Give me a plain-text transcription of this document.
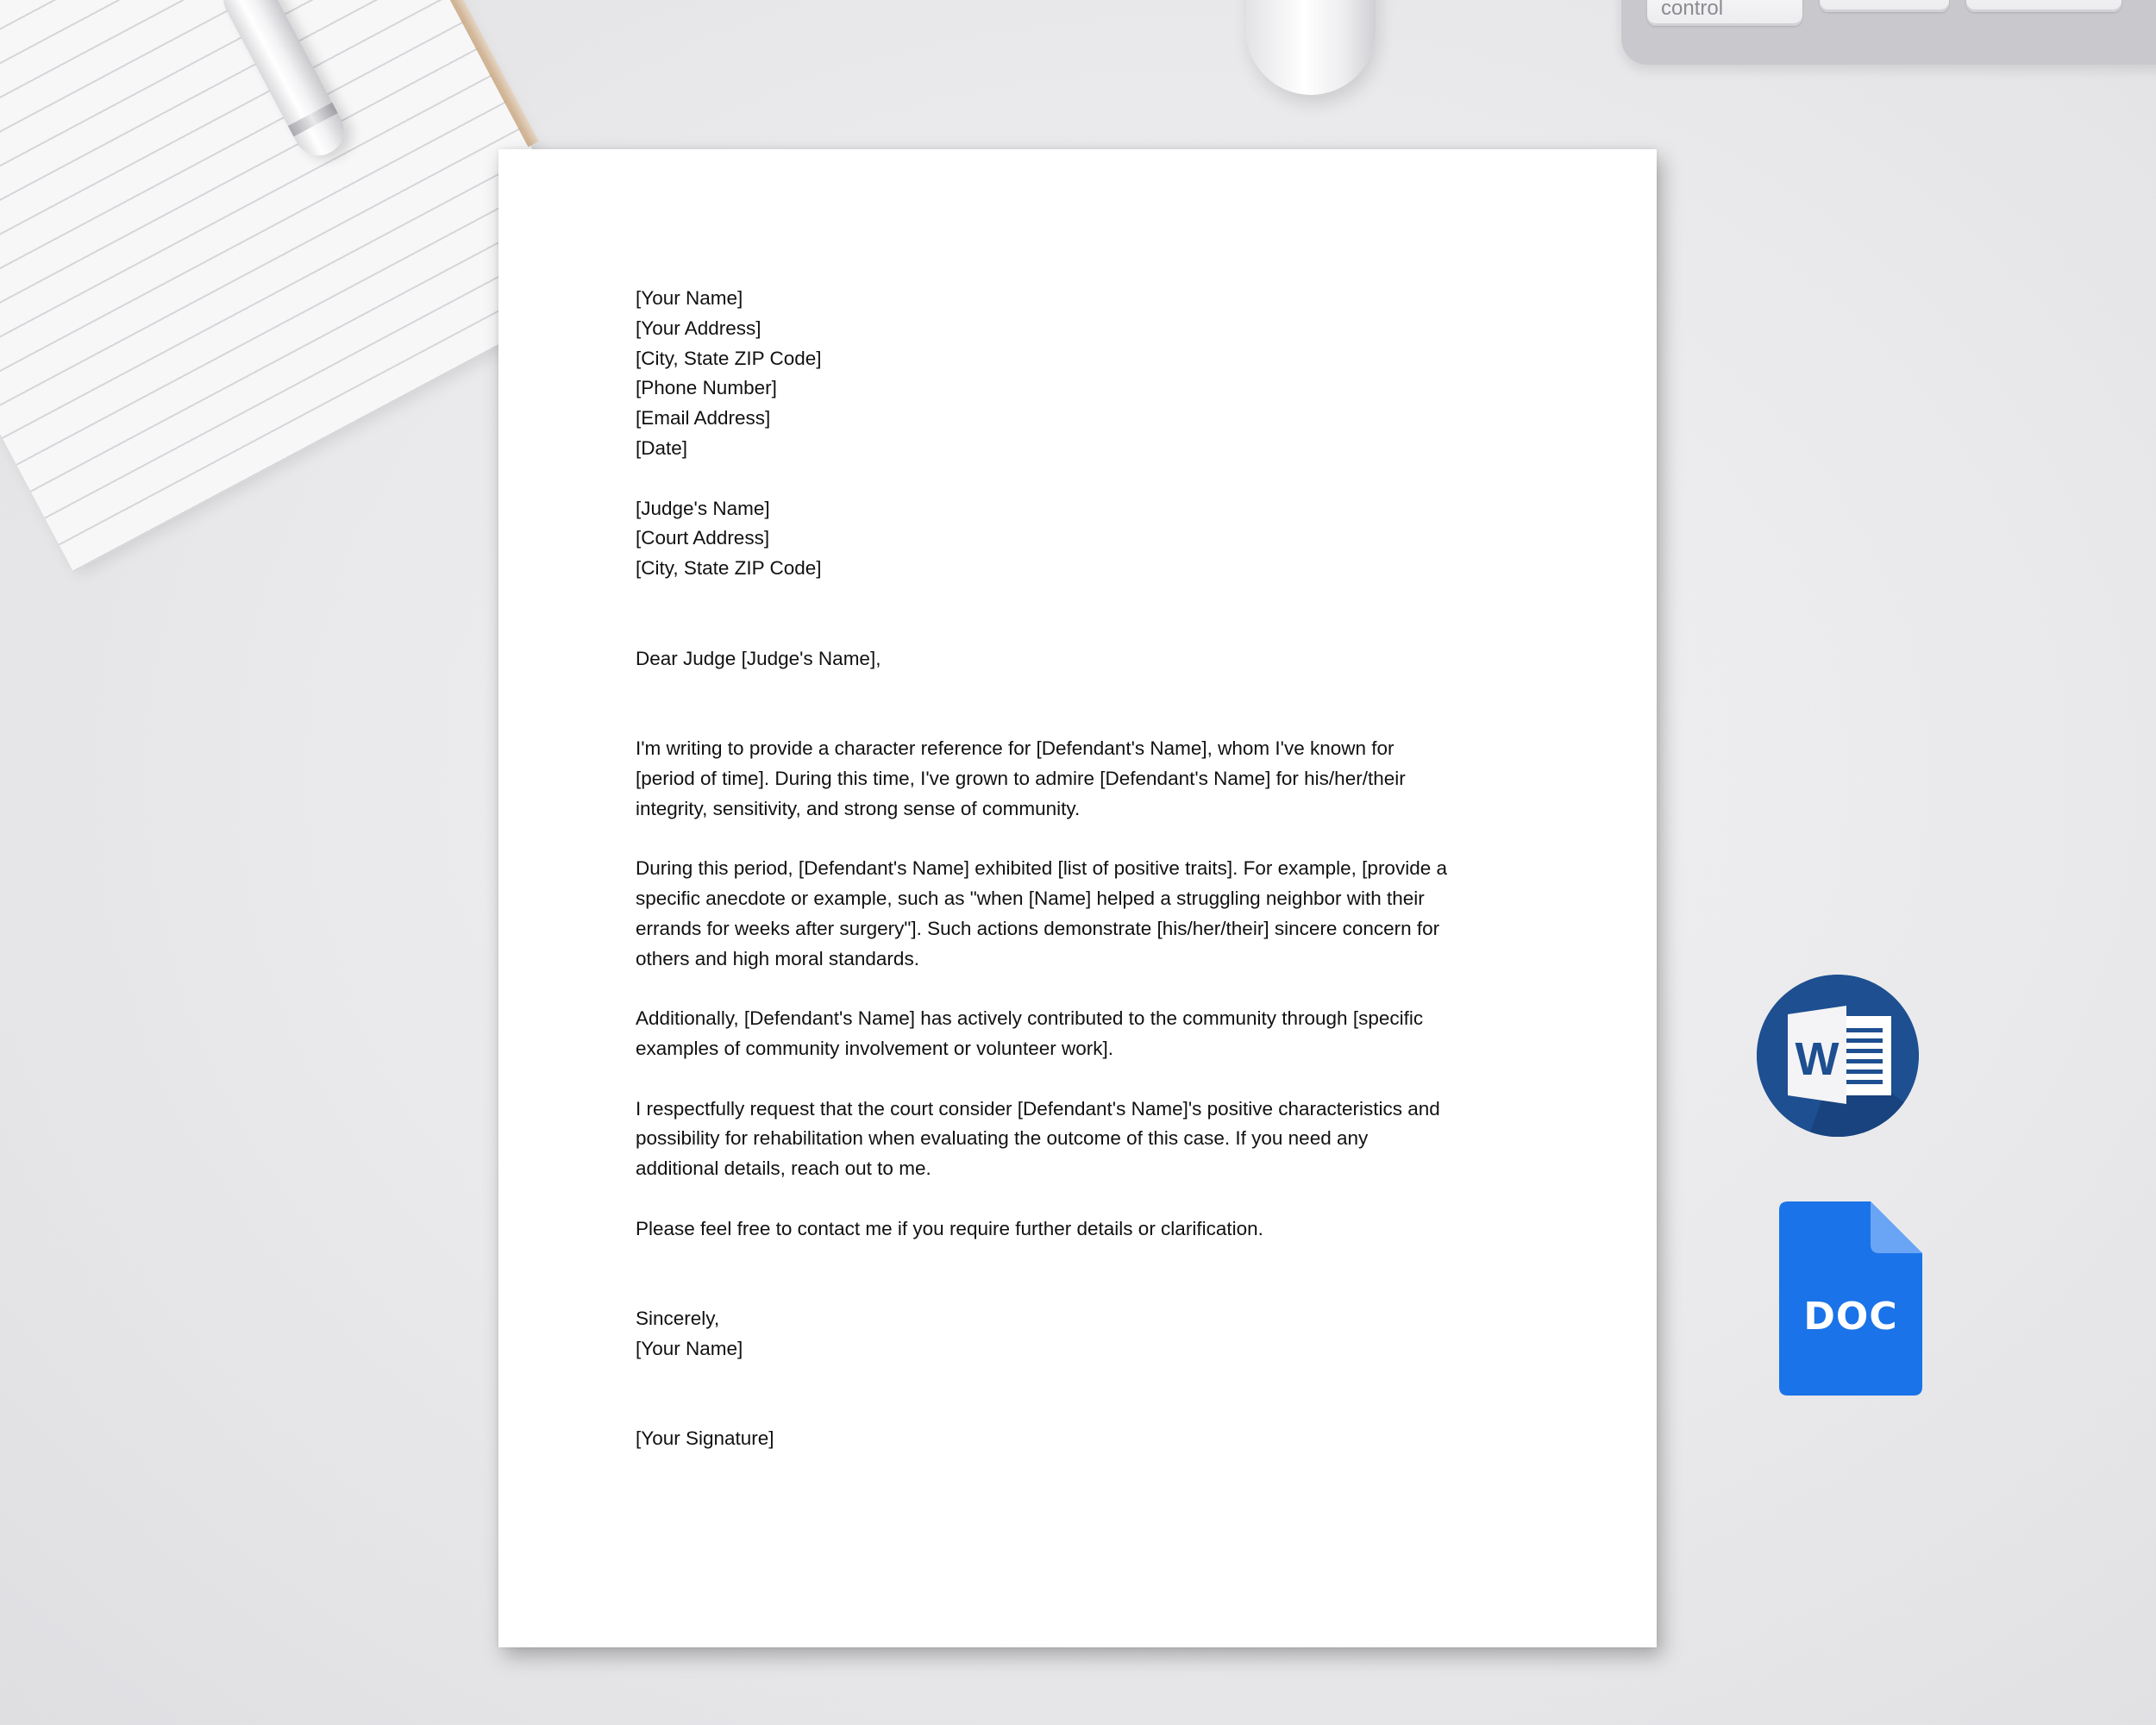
control
[Your Name]
[Your Address]
[City, State ZIP Code]
[Phone Number]
[Email Address]
[Date]
[Judge's Name]
[Court Address]
[City, State ZIP Code]
Dear Judge [Judge's Name],
I'm writing to provide a character reference for [Defendant's Name], whom I've known for
[period of time]. During this time, I've grown to admire [Defendant's Name] for his/her/their
integrity, sensitivity, and strong sense of community.
During this period, [Defendant's Name] exhibited [list of positive traits]. For example, [provide a
specific anecdote or example, such as "when [Name] helped a struggling neighbor with their
errands for weeks after surgery"]. Such actions demonstrate [his/her/their] sincere concern for
others and high moral standards.
Additionally, [Defendant's Name] has actively contributed to the community through [specific
examples of community involvement or volunteer work].
I respectfully request that the court consider [Defendant's Name]'s positive characteristics and
possibility for rehabilitation when evaluating the outcome of this case. If you need any
additional details, reach out to me.
Please feel free to contact me if you require further details or clarification.
Sincerely,
[Your Name]
[Your Signature]
W
DOC
